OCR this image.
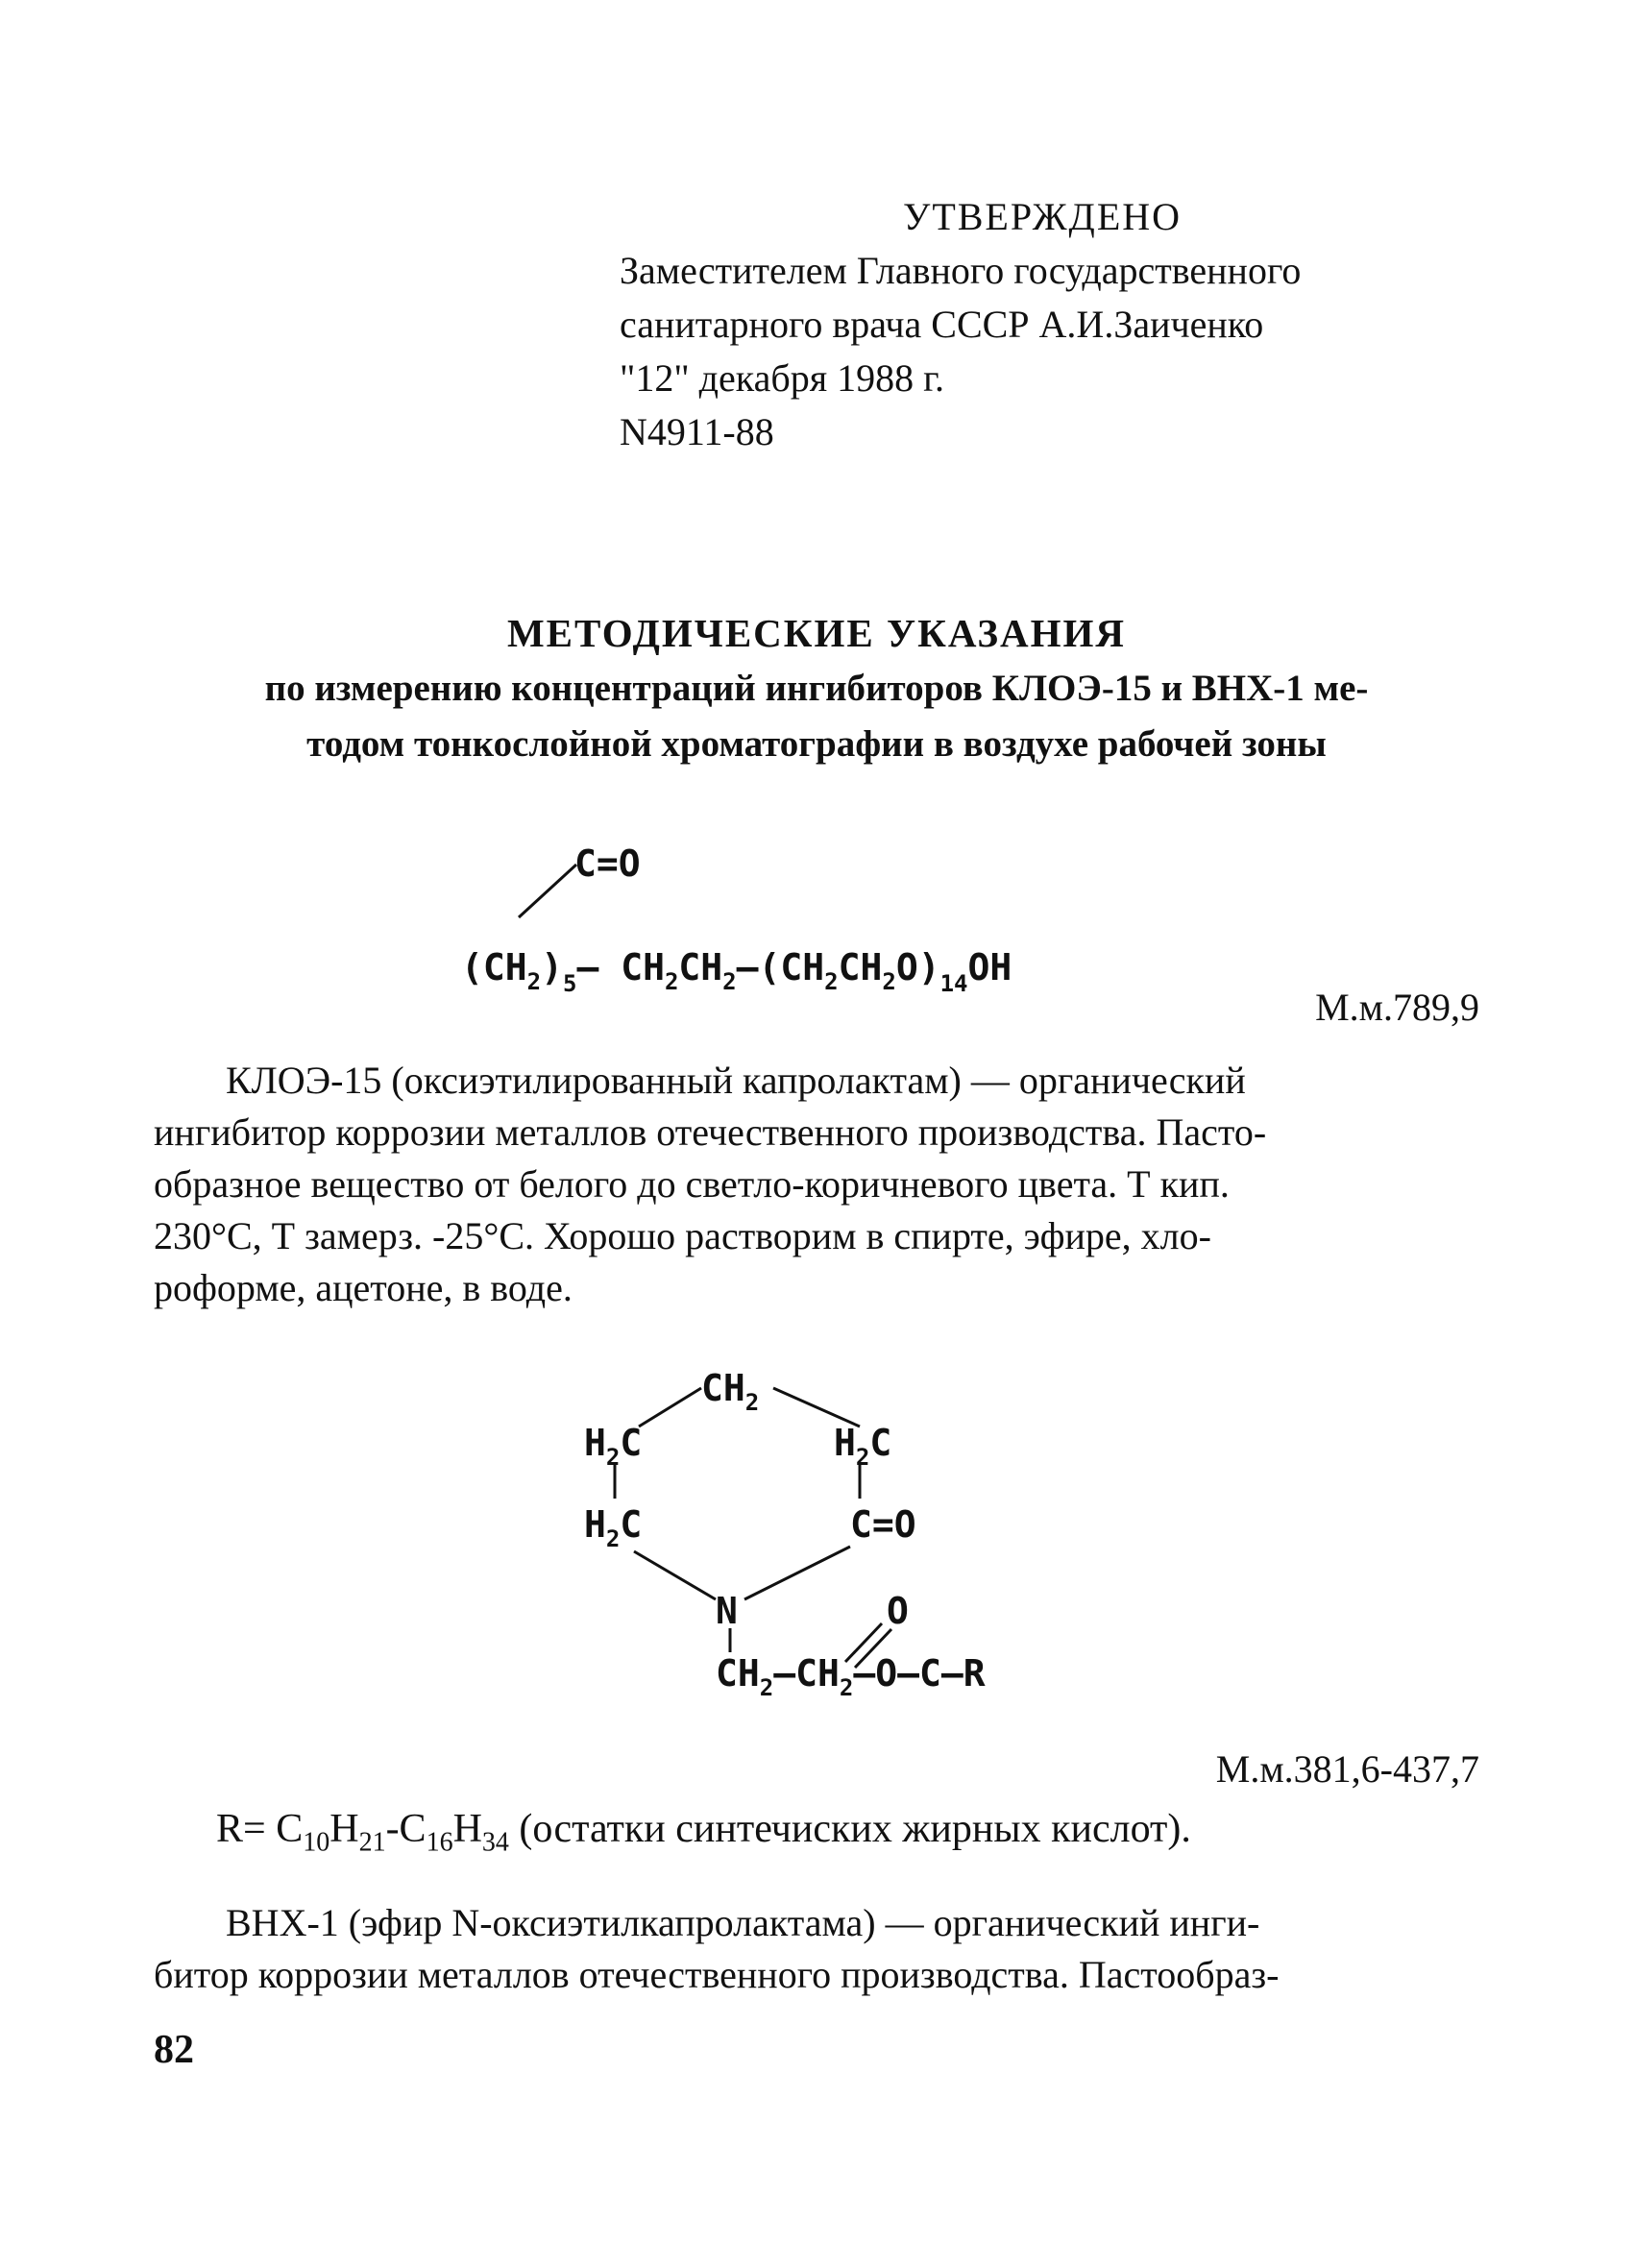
УТВЕРЖДЕНО
Заместителем Главного государственного
санитарного врача СССР А.И.Заиченко
"12" декабря 1988 г.
N4911-88
МЕТОДИЧЕСКИЕ УКАЗАНИЯ
по измерению концентраций ингибиторов КЛОЭ-15 и ВНХ-1 ме-
тодом тонкослойной хроматографии в воздухе рабочей зоны
C=O
$(CH_2)_5—$ $CH_2CH_2—(CH_2CH_2O)_{14}OH$
М.м.789,9
КЛОЭ-15 (оксиэтилированный капролактам) — органический
ингибитор коррозии металлов отечественного производства. Пасто-
образное вещество от белого до светло-коричневого цвета. Т кип.
230°С, Т замерз. -25°С. Хорошо растворим в спирте, эфире, хло-
роформе, ацетоне, в воде.
$CH_2$
$H_2C$
$H_2C$
$H_2C$
C=O
N	O
$CH_2—CH_2—O—C—R$
М.м.381,6-437,7
$R= C_{10}H_{21}-C_{16}H_{34}$ (остатки синтечиских жирных кислот).
ВНХ-1 (эфир N-оксиэтилкапролактама) — органический инги-
битор коррозии металлов отечественного производства. Пастообраз-
82
